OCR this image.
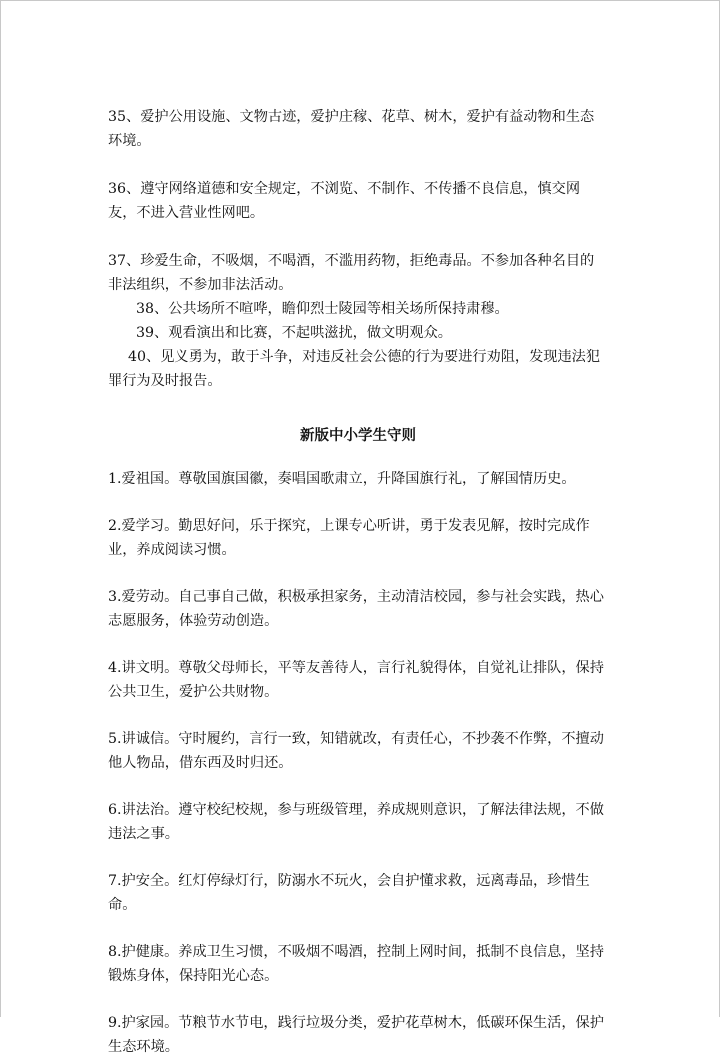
35、爱护公用设施、文物古迹，爱护庄稼、花草、树木，爱护有益动物和生态环境。

36、遵守网络道德和安全规定，不浏览、不制作、不传播不良信息，慎交网友，不进入营业性网吧。

37、珍爱生命，不吸烟，不喝酒，不滥用药物，拒绝毒品。不参加各种名目的非法组织，不参加非法活动。

38、公共场所不喧哗，瞻仰烈士陵园等相关场所保持肃穆。

39、观看演出和比赛，不起哄滋扰，做文明观众。

40、见义勇为，敢于斗争，对违反社会公德的行为要进行劝阻，发现违法犯罪行为及时报告。

新版中小学生守则

1.爱祖国。尊敬国旗国徽，奏唱国歌肃立，升降国旗行礼，了解国情历史。

2.爱学习。勤思好问，乐于探究，上课专心听讲，勇于发表见解，按时完成作业，养成阅读习惯。

3.爱劳动。自己事自己做，积极承担家务，主动清洁校园，参与社会实践，热心志愿服务，体验劳动创造。

4.讲文明。尊敬父母师长，平等友善待人，言行礼貌得体，自觉礼让排队，保持公共卫生，爱护公共财物。

5.讲诚信。守时履约，言行一致，知错就改，有责任心，不抄袭不作弊，不擅动他人物品，借东西及时归还。

6.讲法治。遵守校纪校规，参与班级管理，养成规则意识，了解法律法规，不做违法之事。

7.护安全。红灯停绿灯行，防溺水不玩火，会自护懂求救，远离毒品，珍惜生命。

8.护健康。养成卫生习惯，不吸烟不喝酒，控制上网时间，抵制不良信息，坚持锻炼身体，保持阳光心态。

9.护家园。节粮节水节电，践行垃圾分类，爱护花草树木，低碳环保生活，保护生态环境。
